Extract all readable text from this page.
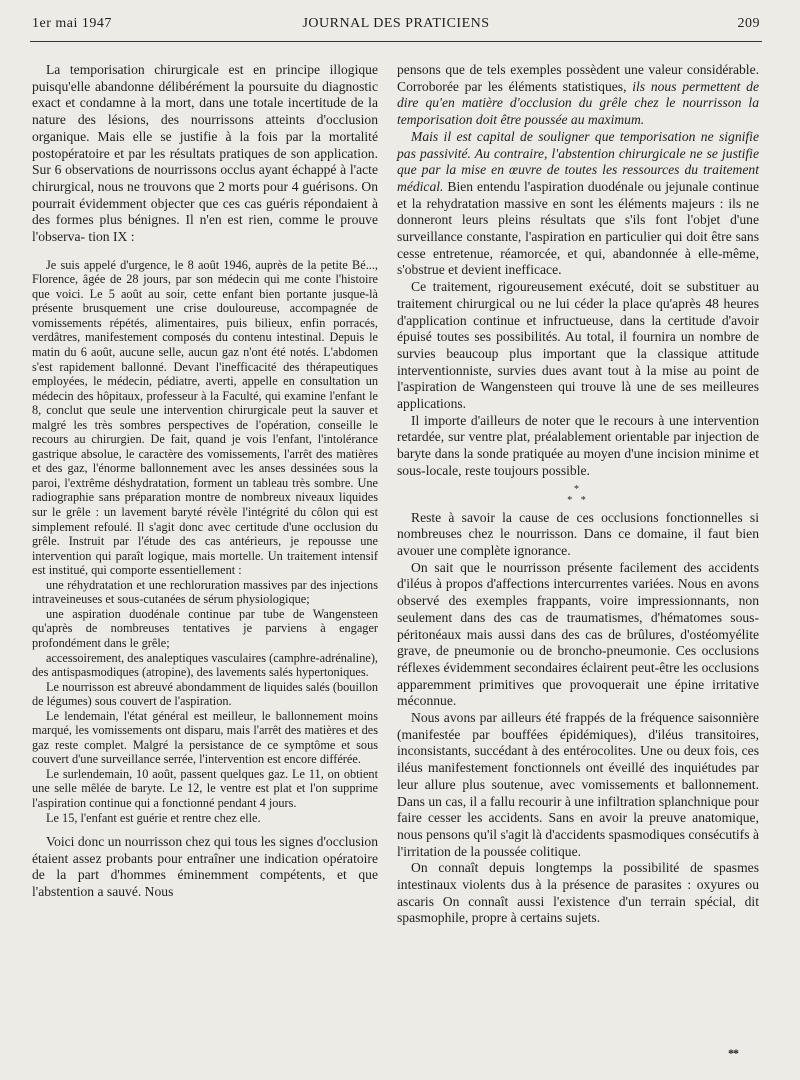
1er mai 1947	JOURNAL DES PRATICIENS	209

La temporisation chirurgicale est en principe illogique puisqu'elle abandonne délibérément la poursuite du diagnostic exact et condamne à la mort, dans une totale incertitude de la nature des lésions, des nourrissons atteints d'occlusion organique. Mais elle se justifie à la fois par la mortalité postopératoire et par les résultats pratiques de son application. Sur 6 observations de nourrissons occlus ayant échappé à l'acte chirurgical, nous ne trouvons que 2 morts pour 4 guérisons. On pourrait évidemment objecter que ces cas guéris répondaient à des formes plus bénignes. Il n'en est rien, comme le prouve l'observa- tion IX :

Je suis appelé d'urgence, le 8 août 1946, auprès de la petite Bé..., Florence, âgée de 28 jours, par son médecin qui me conte l'histoire que voici. Le 5 août au soir, cette enfant bien portante jusque-là présente brusquement une crise douloureuse, accompagnée de vomissements répétés, alimentaires, puis bilieux, enfin porracés, verdâtres, manifestement composés du contenu intestinal. Depuis le matin du 6 août, aucune selle, aucun gaz n'ont été notés. L'abdomen s'est rapidement ballonné. Devant l'inefficacité des thérapeutiques employées, le médecin, pédiatre, averti, appelle en consultation un médecin des hôpitaux, professeur à la Faculté, qui examine l'enfant le 8, conclut que seule une intervention chirurgicale peut la sauver et malgré les très sombres perspectives de l'opération, conseille le recours au chirurgien. De fait, quand je vois l'enfant, l'intolérance gastrique absolue, le caractère des vomissements, l'arrêt des matières et des gaz, l'énorme ballonnement avec les anses dessinées sous la paroi, l'extrême déshydratation, forment un tableau très sombre. Une radiographie sans préparation montre de nombreux niveaux liquides sur le grêle : un lavement baryté révèle l'intégrité du côlon qui est simplement refoulé. Il s'agit donc avec certitude d'une occlusion du grêle. Instruit par l'étude des cas antérieurs, je repousse une intervention qui paraît logique, mais mortelle. Un traitement intensif est institué, qui comporte essentiellement :

une réhydratation et une rechloruration massives par des injections intraveineuses et sous-cutanées de sérum physiologique;

une aspiration duodénale continue par tube de Wangensteen qu'après de nombreuses tentatives je parviens à engager profondément dans le grêle;

accessoirement, des analeptiques vasculaires (camphre-adrénaline), des antispasmodiques (atropine), des lavements salés hypertoniques.

Le nourrisson est abreuvé abondamment de liquides salés (bouillon de légumes) sous couvert de l'aspiration.

Le lendemain, l'état général est meilleur, le ballonnement moins marqué, les vomissements ont disparu, mais l'arrêt des matières et des gaz reste complet. Malgré la persistance de ce symptôme et sous couvert d'une surveillance serrée, l'intervention est encore différée.

Le surlendemain, 10 août, passent quelques gaz. Le 11, on obtient une selle mêlée de baryte. Le 12, le ventre est plat et l'on supprime l'aspiration continue qui a fonctionné pendant 4 jours.

Le 15, l'enfant est guérie et rentre chez elle.

Voici donc un nourrisson chez qui tous les signes d'occlusion étaient assez probants pour entraîner une indication opératoire de la part d'hommes éminemment compétents, et que l'abstention a sauvé. Nous

pensons que de tels exemples possèdent une valeur considérable. Corroborée par les éléments statistiques, ils nous permettent de dire qu'en matière d'occlusion du grêle chez le nourrisson la temporisation doit être poussée au maximum.

Mais il est capital de souligner que temporisation ne signifie pas passivité. Au contraire, l'abstention chirurgicale ne se justifie que par la mise en œuvre de toutes les ressources du traitement médical. Bien entendu l'aspiration duodénale ou jejunale continue et la rehydratation massive en sont les éléments majeurs : ils ne donneront leurs pleins résultats que s'ils font l'objet d'une surveillance constante, l'aspiration en particulier qui doit être sans cesse entretenue, réamorcée, et qui, abandonnée à elle-même, s'obstrue et devient inefficace.

Ce traitement, rigoureusement exécuté, doit se substituer au traitement chirurgical ou ne lui céder la place qu'après 48 heures d'application continue et infructueuse, dans la certitude d'avoir épuisé toutes ses possibilités. Au total, il fournira un nombre de survies beaucoup plus important que la classique attitude interventionniste, survies dues avant tout à la mise au point de l'aspiration de Wangensteen qui trouve là une de ses meilleures applications.

Il importe d'ailleurs de noter que le recours à une intervention retardée, sur ventre plat, préalablement orientable par injection de baryte dans la sonde pratiquée au moyen d'une incision minime et sous-locale, reste toujours possible.

*
* *

Reste à savoir la cause de ces occlusions fonctionnelles si nombreuses chez le nourrisson. Dans ce domaine, il faut bien avouer une complète ignorance.

On sait que le nourrisson présente facilement des accidents d'iléus à propos d'affections intercurrentes variées. Nous en avons observé des exemples frappants, voire impressionnants, non seulement dans des cas de traumatismes, d'hématomes sous-péritonéaux mais aussi dans des cas de brûlures, d'ostéomyélite grave, de pneumonie ou de broncho-pneumonie. Ces occlusions réflexes évidemment secondaires éclairent peut-être les occlusions apparemment primitives que provoquerait une épine irritative méconnue.

Nous avons par ailleurs été frappés de la fréquence saisonnière (manifestée par bouffées épidémiques), d'iléus transitoires, inconsistants, succédant à des entérocolites. Une ou deux fois, ces iléus manifestement fonctionnels ont éveillé des inquiétudes par leur allure plus soutenue, avec vomissements et ballonnement. Dans un cas, il a fallu recourir à une infiltration splanchnique pour faire cesser les accidents. Sans en avoir la preuve anatomique, nous pensons qu'il s'agit là d'accidents spasmodiques consécutifs à l'irritation de la poussée colitique.

On connaît depuis longtemps la possibilité de spasmes intestinaux violents dus à la présence de parasites : oxyures ou ascaris On connaît aussi l'existence d'un terrain spécial, dit spasmophile, propre à certains sujets.

**
